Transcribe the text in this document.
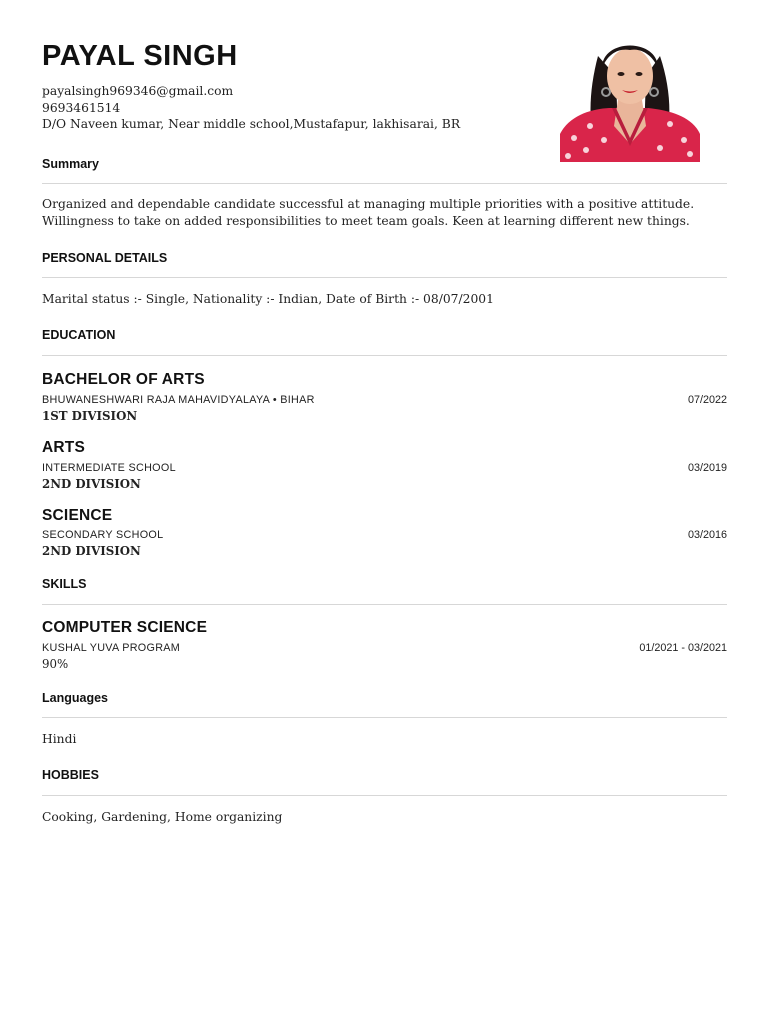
PAYAL SINGH
payalsingh969346@gmail.com
9693461514
D/O Naveen kumar, Near middle school,Mustafapur, lakhisarai, BR
Summary
Organized and dependable candidate successful at managing multiple priorities with a positive attitude. Willingness to take on added responsibilities to meet team goals. Keen at learning different new things.
PERSONAL DETAILS
Marital status :- Single, Nationality :- Indian, Date of Birth :- 08/07/2001
EDUCATION
BACHELOR OF ARTS
BHUWANESHWARI RAJA MAHAVIDYALAYA • BIHAR	07/2022
1ST DIVISION
ARTS
INTERMEDIATE SCHOOL	03/2019
2ND DIVISION
SCIENCE
SECONDARY SCHOOL	03/2016
2ND DIVISION
SKILLS
COMPUTER SCIENCE
KUSHAL YUVA PROGRAM	01/2021 - 03/2021
90%
Languages
Hindi
HOBBIES
Cooking, Gardening, Home organizing
